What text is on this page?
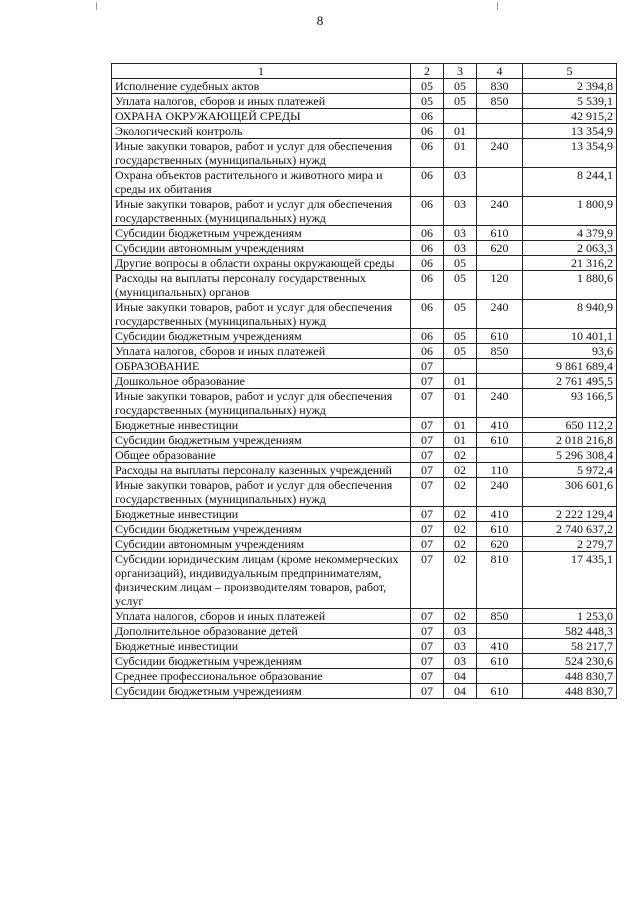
8
1	2	3	4	5
Исполнение судебных актов	05	05	830	2 394,8
Уплата налогов, сборов и иных платежей	05	05	850	5 539,1
ОХРАНА ОКРУЖАЮЩЕЙ СРЕДЫ	06			42 915,2
Экологический контроль	06	01		13 354,9
Иные закупки товаров, работ и услуг для обеспечения государственных (муниципальных) нужд	06	01	240	13 354,9
Охрана объектов растительного и животного мира и среды их обитания	06	03		8 244,1
Иные закупки товаров, работ и услуг для обеспечения государственных (муниципальных) нужд	06	03	240	1 800,9
Субсидии бюджетным учреждениям	06	03	610	4 379,9
Субсидии автономным учреждениям	06	03	620	2 063,3
Другие вопросы в области охраны окружающей среды	06	05		21 316,2
Расходы на выплаты персоналу государственных (муниципальных) органов	06	05	120	1 880,6
Иные закупки товаров, работ и услуг для обеспечения государственных (муниципальных) нужд	06	05	240	8 940,9
Субсидии бюджетным учреждениям	06	05	610	10 401,1
Уплата налогов, сборов и иных платежей	06	05	850	93,6
ОБРАЗОВАНИЕ	07			9 861 689,4
Дошкольное образование	07	01		2 761 495,5
Иные закупки товаров, работ и услуг для обеспечения государственных (муниципальных) нужд	07	01	240	93 166,5
Бюджетные инвестиции	07	01	410	650 112,2
Субсидии бюджетным учреждениям	07	01	610	2 018 216,8
Общее образование	07	02		5 296 308,4
Расходы на выплаты персоналу казенных учреждений	07	02	110	5 972,4
Иные закупки товаров, работ и услуг для обеспечения государственных (муниципальных) нужд	07	02	240	306 601,6
Бюджетные инвестиции	07	02	410	2 222 129,4
Субсидии бюджетным учреждениям	07	02	610	2 740 637,2
Субсидии автономным учреждениям	07	02	620	2 279,7
Субсидии юридическим лицам (кроме некоммерческих организаций), индивидуальным предпринимателям, физическим лицам – производителям товаров, работ, услуг	07	02	810	17 435,1
Уплата налогов, сборов и иных платежей	07	02	850	1 253,0
Дополнительное образование детей	07	03		582 448,3
Бюджетные инвестиции	07	03	410	58 217,7
Субсидии бюджетным учреждениям	07	03	610	524 230,6
Среднее профессиональное образование	07	04		448 830,7
Субсидии бюджетным учреждениям	07	04	610	448 830,7
